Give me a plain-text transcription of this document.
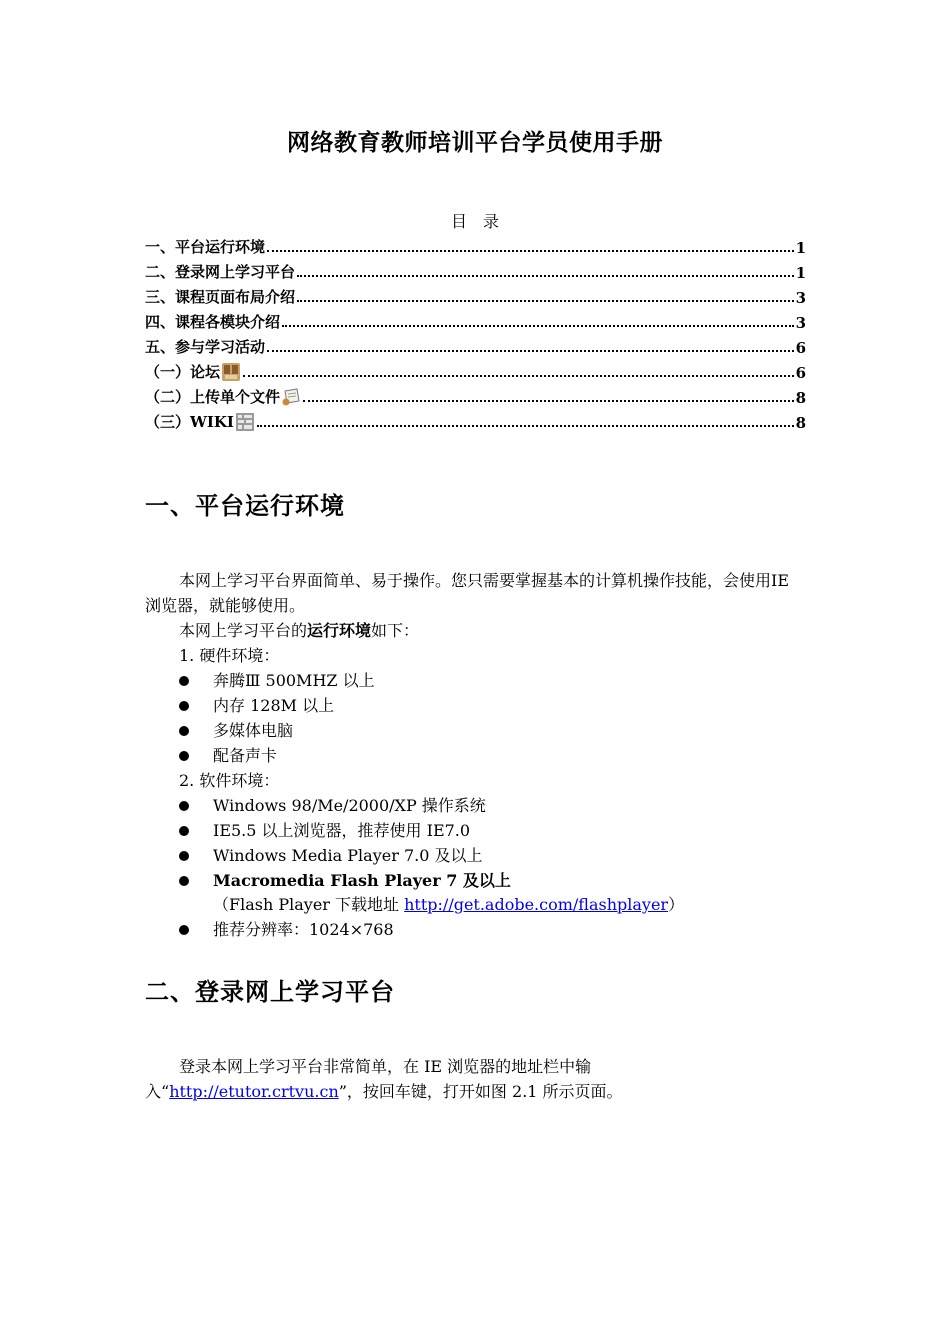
网络教育教师培训平台学员使用手册
目 录
一、平台运行环境	1
二、登录网上学习平台	1
三、课程页面布局介绍	3
四、课程各模块介绍	3
五、参与学习活动	6
（一）论坛	6
（二）上传单个文件	8
（三）WIKI	8
一、平台运行环境
本网上学习平台界面简单、易于操作。您只需要掌握基本的计算机操作技能，会使用IE 浏览器，就能够使用。
本网上学习平台的运行环境如下：
1. 硬件环境：
奔腾Ⅲ 500MHZ 以上
内存 128M 以上
多媒体电脑
配备声卡
2. 软件环境：
Windows 98/Me/2000/XP 操作系统
IE5.5 以上浏览器，推荐使用 IE7.0
Windows Media Player 7.0 及以上
Macromedia Flash Player 7 及以上
（Flash Player 下载地址 http://get.adobe.com/flashplayer）
推荐分辨率：1024×768
二、登录网上学习平台
登录本网上学习平台非常简单，在 IE 浏览器的地址栏中输入“http://etutor.crtvu.cn”，按回车键，打开如图 2.1 所示页面。
